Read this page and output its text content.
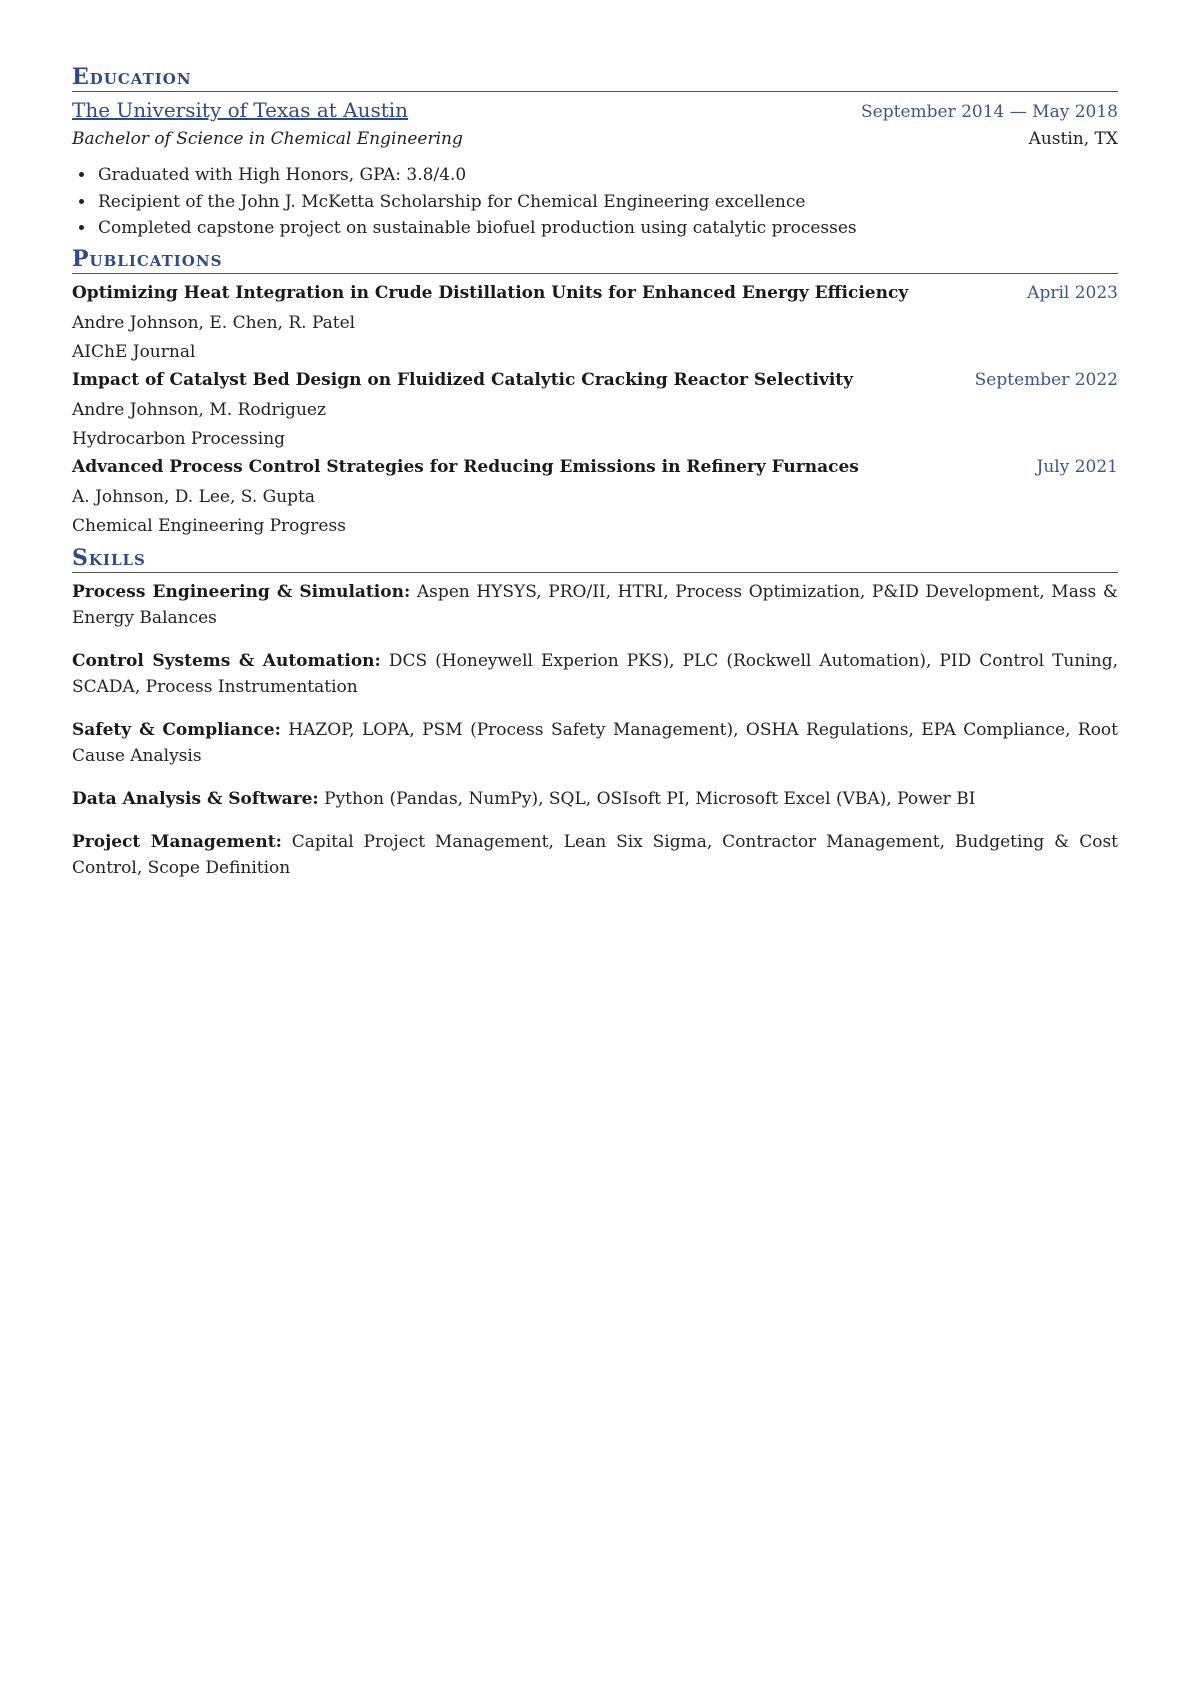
Education
The University of Texas at Austin	September 2014 — May 2018
Bachelor of Science in Chemical Engineering	Austin, TX
• Graduated with High Honors, GPA: 3.8/4.0
• Recipient of the John J. McKetta Scholarship for Chemical Engineering excellence
• Completed capstone project on sustainable biofuel production using catalytic processes
Publications
Optimizing Heat Integration in Crude Distillation Units for Enhanced Energy Efficiency	April 2023
Andre Johnson, E. Chen, R. Patel
AIChE Journal
Impact of Catalyst Bed Design on Fluidized Catalytic Cracking Reactor Selectivity	September 2022
Andre Johnson, M. Rodriguez
Hydrocarbon Processing
Advanced Process Control Strategies for Reducing Emissions in Refinery Furnaces	July 2021
A. Johnson, D. Lee, S. Gupta
Chemical Engineering Progress
Skills

Process Engineering & Simulation: Aspen HYSYS, PRO/II, HTRI, Process Optimization, P&ID Development, Mass & Energy Balances

Control Systems & Automation: DCS (Honeywell Experion PKS), PLC (Rockwell Automation), PID Control Tuning, SCADA, Process Instrumentation

Safety & Compliance: HAZOP, LOPA, PSM (Process Safety Management), OSHA Regulations, EPA Compliance, Root Cause Analysis

Data Analysis & Software: Python (Pandas, NumPy), SQL, OSIsoft PI, Microsoft Excel (VBA), Power BI

Project Management: Capital Project Management, Lean Six Sigma, Contractor Management, Budgeting & Cost Control, Scope Definition
